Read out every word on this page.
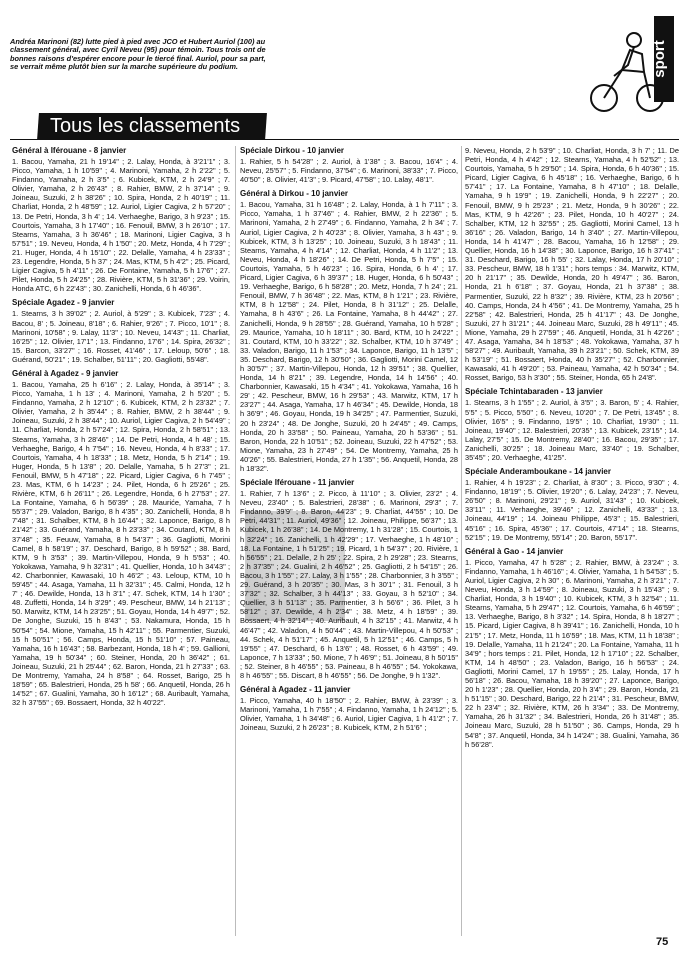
Andréa Marinoni (82) lutte pied à pied avec JCO et Hubert Auriol (100) au classement général, avec Cyril Neveu (95) pour témoin. Tous trois ont de bonnes raisons d'espérer encore pour le tiercé final. Auriol, pour sa part, se verrait même plutôt bien sur la marche supérieure du podium.	sport
Tous les classements
Général à Iférouane - 8 janvier

1. Bacou, Yamaha, 21 h 19'14" ; 2. Lalay, Honda, à 3'21'1" ; 3. Picco, Yamaha, 1 h 10'59" ; 4. Marinoni, Yamaha, 2 h 2'22" ; 5. Findanno, Yamaha, 2 h 3'5" ; 6. Kubicek, KTM, 2 h 24'9" ; 7. Olivier, Yamaha, 2 h 26'43" ; 8. Rahier, BMW, 2 h 37'14" ; 9. Joineau, Suzuki, 2 h 38'26" ; 10. Spira, Honda, 2 h 40'19" ; 11. Charliat, Honda, 2 h 48'59" ; 12. Auriol, Ligier Cagiva, 2 h 57'20" ; 13. De Petri, Honda, 3 h 4' ; 14. Verhaeghe, Barigo, 3 h 9'23" ; 15. Courtois, Yamaha, 3 h 17'40" ; 16. Fenouil, BMW, 3 h 26'10" ; 17. Stearns, Yamaha, 3 h 36'46" ; 18. Marinoni, Ligier Cagiva, 3 h 57'51" ; 19. Neveu, Honda, 4 h 1'50" ; 20. Metz, Honda, 4 h 7'29" ; 21. Huger, Honda, 4 h 15'10" ; 22. Delalle, Yamaha, 4 h 23'33" ; 23. Legendre, Honda, 5 h 37' ; 24. Mas, KTM, 5 h 4'2" ; 25. Picard, Ligier Cagiva, 5 h 4'11" ; 26. De Fontaine, Yamaha, 5 h 17'6" ; 27. Pilet, Honda, 5 h 24'25" ; 28. Rivière, KTM, 5 h 31'36" ; 29. Voirin, Honda ATC, 6 h 22'43" ; 30. Zanichelli, Honda, 6 h 46'36".

Spéciale Agadez - 9 janvier

1. Stearns, 3 h 39'02" ; 2. Auriol, à 5'29" ; 3. Kubicek, 7'23" ; 4. Bacou, 8' ; 5. Joineau, 8'18" ; 6. Rahier, 9'26" ; 7. Picco, 10'1" ; 8. Marinoni, 10'58" ; 9. Lalay, 11'3" ; 10. Neveu, 14'43" ; 11. Charliat, 16'25" ; 12. Olivier, 17'1" ; 13. Findanno, 17'6" ; 14. Spira, 26'32" ; 15. Barcon, 33'27" ; 16. Rosset, 41'46" ; 17. Leloup, 50'6" ; 18. Guérand, 50'21" ; 19. Schalber, 51'11" ; 20. Gagliotti, 55'48".

Général à Agadez - 9 janvier

1. Bacou, Yamaha, 25 h 6'16" ; 2. Lalay, Honda, à 35'14" ; 3. Picco, Yamaha, 1 h 13' ; 4. Marinoni, Yamaha, 2 h 5'20" ; 5. Findanno, Yamaha, 2 h 12'10" ; 6. Kubicek, KTM, 2 h 23'32" ; 7. Olivier, Yamaha, 2 h 35'44" ; 8. Rahier, BMW, 2 h 38'44" ; 9. Joineau, Suzuki, 2 h 38'44" ; 10. Auriol, Ligier Cagiva, 2 h 54'49" ; 11. Charliat, Honda, 2 h 57'24" ; 12. Spira, Honda, 2 h 58'51" ; 13. Stearns, Yamaha, 3 h 28'46" ; 14. De Petri, Honda, 4 h 48' ; 15. Verhaeghe, Barigo, 4 h 7'54" ; 16. Neveu, Honda, 4 h 8'33" ; 17. Courtois, Yamaha, 4 h 18'33" ; 18. Metz, Honda, 5 h 2'14" ; 19. Huger, Honda, 5 h 13'8" ; 20. Delalle, Yamaha, 5 h 27'3" ; 21. Fenouil, BMW, 5 h 47'18" ; 22. Picard, Ligier Cagiva, 6 h 7'45" ; 23. Mas, KTM, 6 h 14'23" ; 24. Pilet, Honda, 6 h 25'26" ; 25. Rivière, KTM, 6 h 26'11" ; 26. Legendre, Honda, 6 h 27'53" ; 27. La Fontaine, Yamaha, 6 h 56'39" ; 28. Mauriće, Yamaha, 7 h 55'37" ; 29. Valadon, Barigo, 8 h 4'35" ; 30. Zanichelli, Honda, 8 h 7'48" ; 31. Schalber, KTM, 8 h 16'44" ; 32. Laponce, Barigo, 8 h 21'42" ; 33. Guérand, Yamaha, 8 h 23'33" ; 34. Coutard, KTM, 8 h 37'48" ; 35. Feuuw, Yamaha, 8 h 54'37" ; 36. Gagliotti, Morini Camel, 8 h 58'19" ; 37. Deschard, Barigo, 8 h 59'52" ; 38. Bard, KTM, 9 h 3'53" ; 39. Martin-Villepou, Honda, 9 h 5'53" ; 40. Yokokawa, Yamaha, 9 h 32'31" ; 41. Quellier, Honda, 10 h 34'43" ; 42. Charbonnier, Kawasaki, 10 h 46'2" ; 43. Leloup, KTM, 10 h 59'45" ; 44. Asaga, Yamaha, 11 h 32'31" ; 45. Calmi, Honda, 12 h 7' ; 46. Dewilde, Honda, 13 h 3'1" ; 47. Schek, KTM, 14 h 1'30" ; 48. Zuffetti, Honda, 14 h 3'29" ; 49. Pescheur, BMW, 14 h 21'13" ; 50. Marwitz, KTM, 14 h 23'25" ; 51. Goyau, Honda, 14 h 49'7" ; 52. De Jonghe, Suzuki, 15 h 8'43" ; 53. Nakamura, Honda, 15 h 50'54" ; 54. Mione, Yamaha, 15 h 42'11" ; 55. Parmentier, Suzuki, 15 h 50'51" ; 56. Camps, Honda, 15 h 51'10" ; 57. Paineau, Yamaha, 16 h 16'43" ; 58. Barbezant, Honda, 18 h 4' ; 59. Gallioni, Yamaha, 19 h 50'34" ; 60. Steiner, Honda, 20 h 36'42" ; 61. Joineau, Suzuki, 21 h 25'44" ; 62. Baron, Honda, 21 h 27'33" ; 63. De Montremy, Yamaha, 24 h 8'58" ; 64. Rosset, Barigo, 25 h 18'59" ; 65. Balestrieri, Honda, 25 h 58' ; 66. Anquetil, Honda, 26 h 14'52" ; 67. Gualini, Yamaha, 30 h 16'12" ; 68. Auribault, Yamaha, 32 h 37'55" ; 69. Bossaert, Honda, 32 h 40'22".

Spéciale Dirkou - 10 janvier

1. Rahier, 5 h 54'28" ; 2. Auriol, à 1'38" ; 3. Bacou, 16'4" ; 4. Neveu, 25'57" ; 5. Findanno, 37'54" ; 6. Marinoni, 38'33" ; 7. Picco, 40'50" ; 8. Olivier, 41'3" ; 9. Picard, 47'58" ; 10. Lalay, 48'1".

Général à Dirkou - 10 janvier

1. Bacou, Yamaha, 31 h 16'48" ; 2. Lalay, Honda, à 1 h 7'11" ; 3. Picco, Yamaha, 1 h 37'46" ; 4. Rahier, BMW, 2 h 22'36" ; 5. Marinoni, Yamaha, 2 h 27'49" ; 6. Findanno, Yamaha, 2 h 34' ; 7. Auriol, Ligier Cagiva, 2 h 40'23" ; 8. Olivier, Yamaha, 3 h 43'' ; 9. Kubicek, KTM, 3 h 13'25" ; 10. Joineau, Suzuki, 3 h 18'43" ; 11. Stearns, Yamaha, 4 h 4'14" ; 12. Charliat, Honda, 4 h 11'2" ; 13. Neveu, Honda, 4 h 18'26" ; 14. De Petri, Honda, 5 h 7'5" ; 15. Courtois, Yamaha, 5 h 46'23" ; 16. Spira, Honda, 6 h 4' ; 17. Picard, Ligier Cagiva, 6 h 39'37" ; 18. Huger, Honda, 6 h 50'43" ; 19. Verhaeghe, Barigo, 6 h 58'28" ; 20. Metz, Honda, 7 h 24' ; 21. Fenouil, BMW, 7 h 36'48" ; 22. Mas, KTM, 8 h 1'21" ; 23. Rivière, KTM, 8 h 12'58" ; 24. Pilet, Honda, 8 h 31'12" ; 25. Delalle, Yamaha, 8 h 43'6" ; 26. La Fontaine, Yamaha, 8 h 44'42" ; 27. Zanichelli, Honda, 9 h 28'55" ; 28. Guérand, Yamaha, 10 h 5'28" ; 29. Maurice, Yamaha, 10 h 18'11" ; 30. Bard, KTM, 10 h 24'22" ; 31. Coutard, KTM, 10 h 33'22" ; 32. Schalber, KTM, 10 h 37'49" ; 33. Valadon, Barigo, 11 h 1'53" ; 34. Laponce, Barigo, 11 h 13'5" ; 35. Deschard, Barigo, 12 h 30'50" ; 36. Gagliotti, Morini Camel, 12 h 30'57" ; 37. Martin-Villepou, Honda, 12 h 39'51" ; 38. Quellier, Honda, 14 h 8'21" ; 39. Legendre, Honda, 14 h 14'56" ; 40. Charbonnier, Kawasaki, 15 h 4'34" ; 41. Yokokawa, Yamaha, 16 h 29' ; 42. Pescheur, BMW, 16 h 29'53" ; 43. Marwitz, KTM, 17 h 23'27" ; 44. Asaga, Yamaha, 17 h 46'34" ; 45. Dewilde, Honda, 18 h 36'9" ; 46. Goyau, Honda, 19 h 34'25" ; 47. Parmentier, Suzuki, 20 h 23'24" ; 48. De Jonghe, Suzuki, 20 h 24'45" ; 49. Camps, Honda, 20 h 33'58" ; 50. Paineau, Yamaha, 20 h 53'36" ; 51. Baron, Honda, 22 h 10'51" ; 52. Joineau, Suzuki, 22 h 47'52" ; 53. Mione, Yamaha, 23 h 27'49" ; 54. De Montremy, Yamaha, 25 h 40'26" ; 55. Balestrieri, Honda, 27 h 1'35" ; 56. Anquetil, Honda, 28 h 18'32".

Spéciale Iférouane - 11 janvier

1. Rahier, 7 h 13'6" ; 2. Picco, à 11'10" ; 3. Olivier, 23'2" ; 4. Neveu, 23'40" ; 5. Balestrieri, 28'38" ; 6. Marinoni, 29'3" ; 7. Findanno, 39'9" ; 8. Baron, 44'23" ; 9. Charliat, 44'55" ; 10. De Petri, 44'31" ; 11. Auriol, 49'36" ; 12. Joineau, Philippe, 56'37" ; 13. Kubicek, 1 h 26'38" ; 14. De Montremy, 1 h 31'28" ; 15. Courtois, 1 h 32'24" ; 16. Zanichelli, 1 h 42'29" ; 17. Verhaeghe, 1 h 48'10" ; 18. La Fontaine, 1 h 51'25" ; 19. Picard, 1 h 54'37" ; 20. Rivière, 1 h 56'55" ; 21. Delalle, 2 h 25' ; 22. Spira, 2 h 29'28" ; 23. Stearns, 2 h 37'35" ; 24. Gualini, 2 h 46'52" ; 25. Gagliotti, 2 h 54'15" ; 26. Bacou, 3 h 1'55" ; 27. Lalay, 3 h 1'55" ; 28. Charbonnier, 3 h 3'55" ; 29. Guérand, 3 h 20'35" ; 30. Mas, 3 h 30'1" ; 31. Fenouil, 3 h 37'32" ; 32. Schalber, 3 h 44'13" ; 33. Goyau, 3 h 52'10" ; 34. Quellier, 3 h 51'13" ; 35. Parmentier, 3 h 56'6" ; 36. Pilet, 3 h 58'12" ; 37. Dewilde, 4 h 2'34" ; 38. Metz, 4 h 18'59" ; 39. Bossaert, 4 h 32'14" ; 40. Auribault, 4 h 32'15" ; 41. Marwitz, 4 h 46'47" ; 42. Valadon, 4 h 50'44" ; 43. Martin-Villepou, 4 h 50'53" ; 44. Schek, 4 h 51'17" ; 45. Anquetil, 5 h 12'51" ; 46. Camps, 5 h 19'55" ; 47. Deschard, 6 h 13'6" ; 48. Rosset, 6 h 43'59" ; 49. Laponce, 7 h 13'33" ; 50. Mione, 7 h 46'9" ; 51. Joineau, 8 h 50'15" ; 52. Steiner, 8 h 46'55" ; 53. Paineau, 8 h 46'55" ; 54. Yokokawa, 8 h 46'55" ; 55. Discart, 8 h 46'55" ; 56. De Jonghe, 9 h 1'32".

Général à Agadez - 11 janvier

1. Picco, Yamaha, 40 h 18'50" ; 2. Rahier, BMW, à 23'39" ; 3. Marinoni, Yamaha, 1 h 7'55" ; 4. Findanno, Yamaha, 1 h 24'12" ; 5. Olivier, Yamaha, 1 h 34'48" ; 6. Auriol, Ligier Cagiva, 1 h 41'2" ; 7. Joineau, Suzuki, 2 h 26'23" ; 8. Kubicek, KTM, 2 h 51'6" ;

9. Neveu, Honda, 2 h 53'9" ; 10. Charliat, Honda, 3 h 7' ; 11. De Petri, Honda, 4 h 4'42" ; 12. Stearns, Yamaha, 4 h 52'52" ; 13. Courtois, Yamaha, 5 h 29'50" ; 14. Spira, Honda, 6 h 40'36" ; 15. Picard, Ligier Cagiva, 6 h 45'18" ; 16. Verhaeghe, Barigo, 6 h 57'41" ; 17. La Fontaine, Yamaha, 8 h 47'10" ; 18. Delalle, Yamaha, 9 h 19'9" ; 19. Zanichelli, Honda, 9 h 22'27" ; 20. Fenouil, BMW, 9 h 25'23" ; 21. Metz, Honda, 9 h 30'26" ; 22. Mas, KTM, 9 h 42'26" ; 23. Pilet, Honda, 10 h 40'27" ; 24. Schalber, KTM, 12 h 32'55" ; 25. Gagliotti, Morini Camel, 13 h 36'16" ; 26. Valadon, Barigo, 14 h 3'40" ; 27. Martin-Villepou, Honda, 14 h 41'47" ; 28. Bacou, Yamaha, 16 h 12'58" ; 29. Quellier, Honda, 16 h 14'38" ; 30. Laponce, Barigo, 16 h 37'41" ; 31. Deschard, Barigo, 16 h 55' ; 32. Lalay, Honda, 17 h 20'10" ; 33. Pescheur, BMW, 18 h 1'31" ; hors temps : 34. Marwitz, KTM, 20 h 21'17" ; 35. Dewilde, Honda, 20 h 49'47" ; 36. Baron, Honda, 21 h 6'18" ; 37. Goyau, Honda, 21 h 37'38" ; 38. Parmentier, Suzuki, 22 h 8'32" ; 39. Rivière, KTM, 23 h 20'56" ; 40. Camps, Honda, 24 h 4'56" ; 41. De Montremy, Yamaha, 25 h 22'58" ; 42. Balestrieri, Honda, 25 h 41'17" ; 43. De Jonghe, Suzuki, 27 h 31'21" ; 44. Joineau Marc, Suzuki, 28 h 49'11" ; 45. Mione, Yamaha, 29 h 27'59" ; 46. Anquetil, Honda, 31 h 42'26" ; 47. Asaga, Yamaha, 34 h 18'53" ; 48. Yokokawa, Yamaha, 37 h 58'27" ; 49. Auribault, Yamaha, 39 h 23'21" ; 50. Schek, KTM, 39 h 53'19" ; 51. Bossaert, Honda, 40 h 35'27" ; 52. Charbonnier, Kawasaki, 41 h 49'20" ; 53. Paineau, Yamaha, 42 h 50'34" ; 54. Rosset, Barigo, 53 h 3'30" ; 55. Steiner, Honda, 65 h 24'8".

Spéciale Tchintabaraden - 13 janvier

1. Stearns, 3 h 1'55" ; 2. Auriol, à 3'5" ; 3. Baron, 5' ; 4. Rahier, 5'5" ; 5. Picco, 5'50" ; 6. Neveu, 10'20" ; 7. De Petri, 13'45" ; 8. Olivier, 16'5" ; 9. Findanno, 19'5" ; 10. Charliat, 19'30" ; 11. Joineau, 19'40" ; 12. Balestrieri, 20'35" ; 13. Kubicek, 23'15" ; 14. Lalay, 27'5" ; 15. De Montremy, 28'40" ; 16. Bacou, 29'35" ; 17. Zanichelli, 30'25" ; 18. Joineau Marc, 33'40" ; 19. Schalber, 35'45" ; 20. Verhaeghe, 41'25".

Spéciale Anderamboukane - 14 janvier

1. Rahier, 4 h 19'23" ; 2. Charliat, à 8'30" ; 3. Picco, 9'30" ; 4. Findanno, 18'19" ; 5. Olivier, 19'20" ; 6. Lalay, 24'23" ; 7. Neveu, 26'50" ; 8. Marinoni, 29'21" ; 9. Auriol, 31'43" ; 10. Kubicek, 33'11" ; 11. Verhaeghe, 39'46" ; 12. Zanichelli, 43'33" ; 13. Joineau, 44'19" ; 14. Joineau Philippe, 45'3" ; 15. Balestrieri, 45'16" ; 16. Spira, 45'36" ; 17. Courtois, 47'14" ; 18. Stearns, 52'15" ; 19. De Montremy, 55'14" ; 20. Baron, 55'17".

Général à Gao - 14 janvier

1. Picco, Yamaha, 47 h 5'28" ; 2. Rahier, BMW, à 23'24" ; 3. Findanno, Yamaha, 1 h 46'16" ; 4. Olivier, Yamaha, 1 h 54'53" ; 5. Auriol, Ligier Cagiva, 2 h 30'' ; 6. Marinoni, Yamaha, 2 h 3'21" ; 7. Neveu, Honda, 3 h 14'59" ; 8. Joineau, Suzuki, 3 h 15'43" ; 9. Charliat, Honda, 3 h 19'40" ; 10. Kubicek, KTM, 3 h 32'54" ; 11. Stearns, Yamaha, 5 h 29'47" ; 12. Courtois, Yamaha, 6 h 46'59" ; 13. Verhaeghe, Barigo, 8 h 3'32" ; 14. Spira, Honda, 8 h 18'27" ; 15. Picard, Ligier Cagiva, 8 h 39'41" ; 16. Zanichelli, Honda, 10 h 21'5" ; 17. Metz, Honda, 11 h 16'59" ; 18. Mas, KTM, 11 h 18'38" ; 19. Delalle, Yamaha, 11 h 21'24" ; 20. La Fontaine, Yamaha, 11 h 34'9" ; hors temps : 21. Pilet, Honda, 12 h 17'10" ; 22. Schalber, KTM, 14 h 48'50" ; 23. Valadon, Barigo, 16 h 56'53" ; 24. Gagliotti, Morini Camel, 17 h 19'55" ; 25. Lalay, Honda, 17 h 56'18" ; 26. Bacou, Yamaha, 18 h 39'20" ; 27. Laponce, Barigo, 20 h 1'23" ; 28. Quellier, Honda, 20 h 3'4" ; 29. Baron, Honda, 21 h 51'15" ; 30. Deschard, Barigo, 22 h 21'4" ; 31. Pescheur, BMW, 22 h 23'4" ; 32. Rivière, KTM, 26 h 3'34" ; 33. De Montremy, Yamaha, 26 h 31'32" ; 34. Balestrieri, Honda, 26 h 31'48" ; 35. Joineau Marc, Suzuki, 28 h 51'50" ; 36. Camps, Honda, 29 h 54'8" ; 37. Anquetil, Honda, 34 h 14'24" ; 38. Gualini, Yamaha, 36 h 56'28".

75
